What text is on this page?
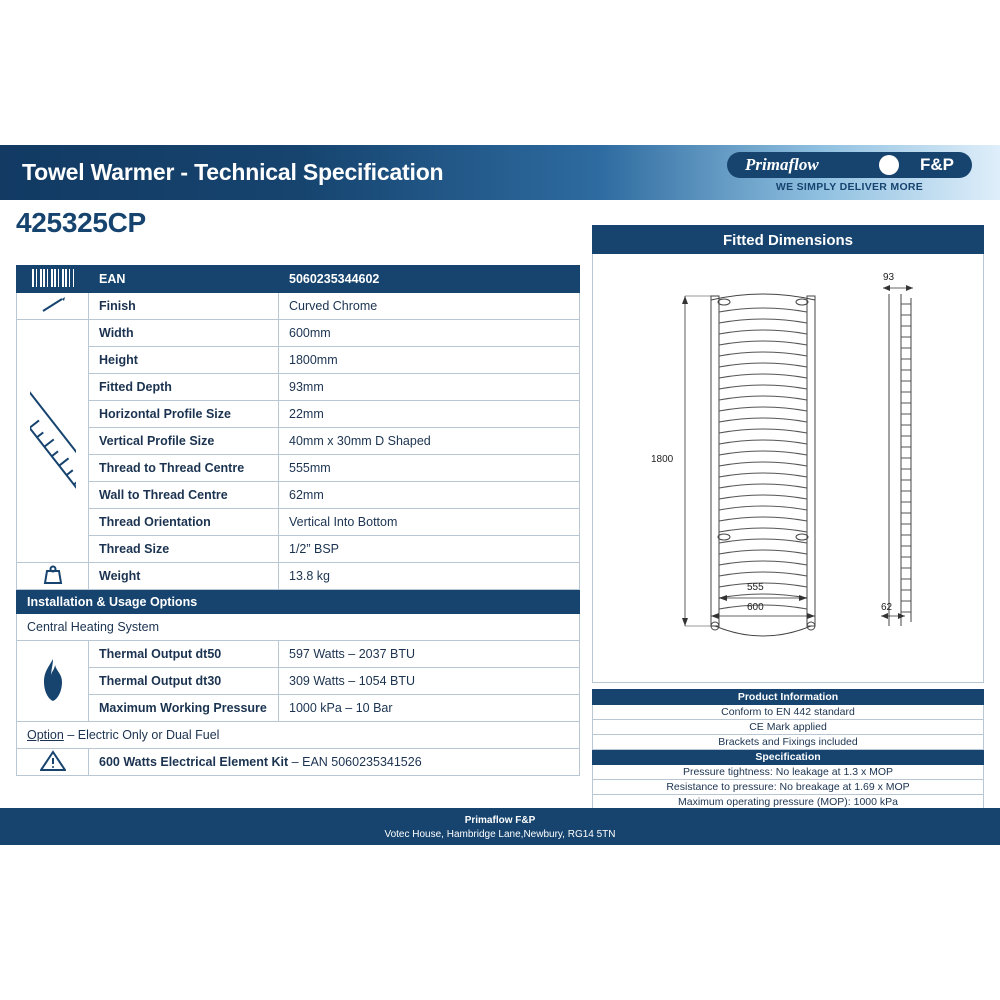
Towel Warmer - Technical Specification	Primaflow	F&P
WE SIMPLY DELIVER MORE
425325CP
	EAN	5060235344602
	Finish	Curved Chrome
	Width	600mm
	Height	1800mm
	Fitted Depth	93mm
	Horizontal Profile Size	22mm
	Vertical Profile Size	40mm x 30mm D Shaped
	Thread to Thread Centre	555mm
	Wall to Thread Centre	62mm
	Thread Orientation	Vertical Into Bottom
	Thread Size	1/2” BSP
	Weight	13.8 kg
Installation & Usage Options		
Central Heating System		
	Thermal Output dt50	597 Watts – 2037 BTU
	Thermal Output dt30	309 Watts – 1054 BTU
	Maximum Working Pressure	1000 kPa – 10 Bar
Option – Electric Only or Dual Fuel		
	600 Watts Electrical Element Kit – EAN 5060235341526	
Fitted Dimensions
1800
93
555
600	62
Product Information
Conform to EN 442 standard
CE Mark applied
Brackets and Fixings included
Specification
Pressure tightness: No leakage at 1.3 x MOP
Resistance to pressure: No breakage at 1.69 x MOP
Maximum operating pressure (MOP): 1000 kPa

Primaflow F&P
Votec House, Hambridge Lane,Newbury, RG14 5TN
